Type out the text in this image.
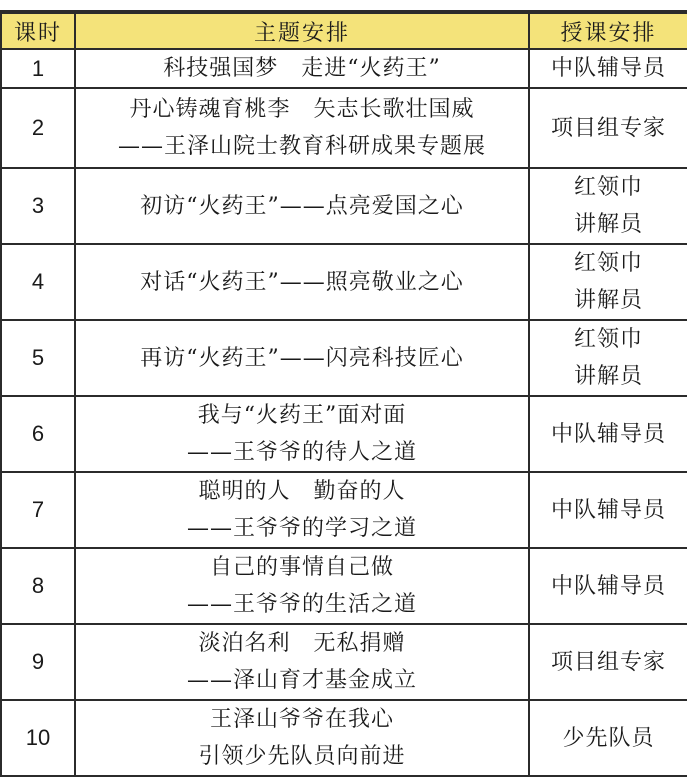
课时	主题安排	授课安排
1	科技强国梦　走进“火药王”	中队辅导员

2	丹心铸魂育桃李　矢志长歌壮国威
——王泽山院士教育科研成果专题展	项目组专家

3	初访“火药王”——点亮爱国之心	红领巾
讲解员

4	对话“火药王”——照亮敬业之心	红领巾
讲解员

5	再访“火药王”——闪亮科技匠心	红领巾
讲解员

6	我与“火药王”面对面
——王爷爷的待人之道	中队辅导员

7	聪明的人　勤奋的人
——王爷爷的学习之道	中队辅导员

8	自己的事情自己做
——王爷爷的生活之道	中队辅导员

9	淡泊名利　无私捐赠
——泽山育才基金成立	项目组专家

10	王泽山爷爷在我心
引领少先队员向前进	少先队员
